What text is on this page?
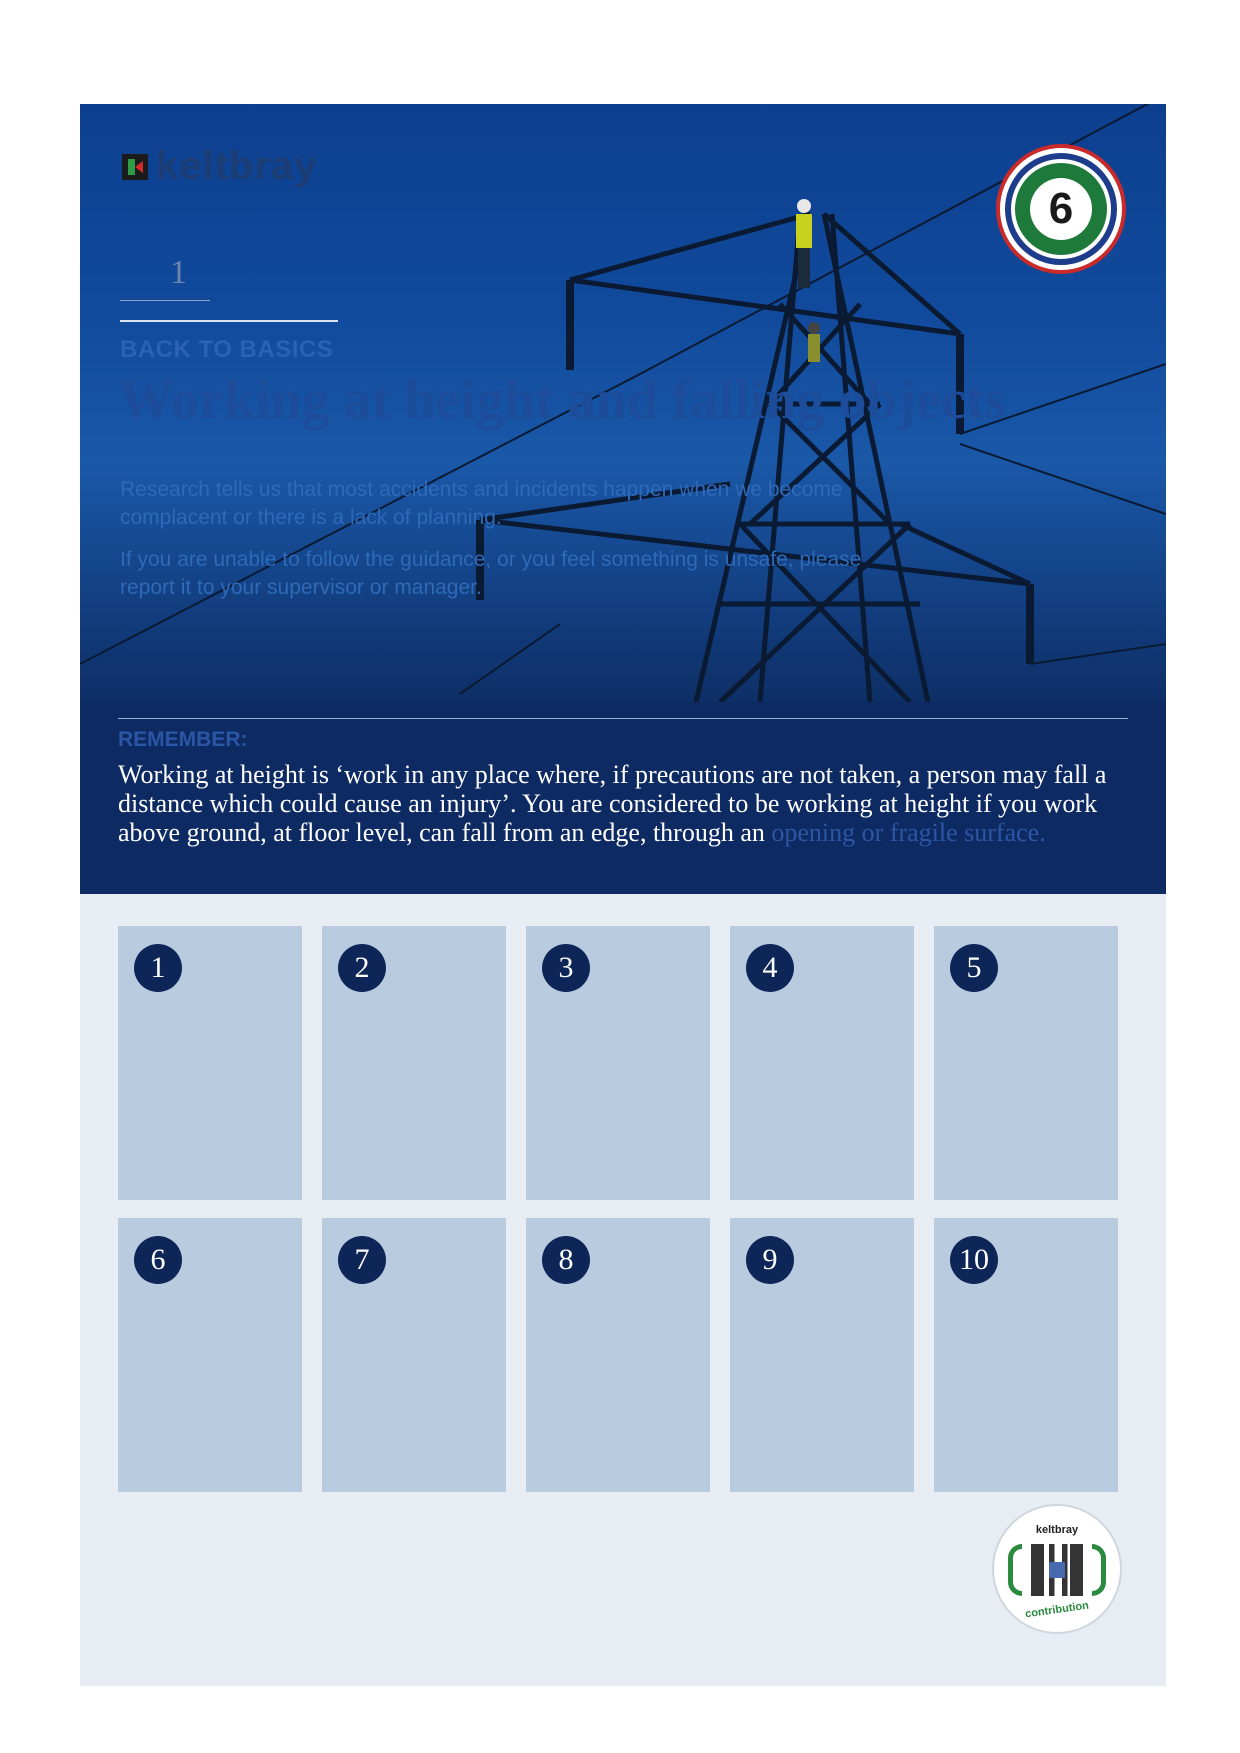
keltbray
1
6
BACK TO BASICS
Working at height and falling objects

Research tells us that most accidents and incidents happen when we become complacent or there is a lack of planning.

If you are unable to follow the guidance, or you feel something is unsafe, please report it to your supervisor or manager.

REMEMBER:
Working at height is ‘work in any place where, if precautions are not taken, a person may fall a distance which could cause an injury’. You are considered to be working at height if you work above ground, at floor level, can fall from an edge, through an opening or fragile surface.
1	2	3	4	5
6	7	8	9	10
keltbray
contribution
